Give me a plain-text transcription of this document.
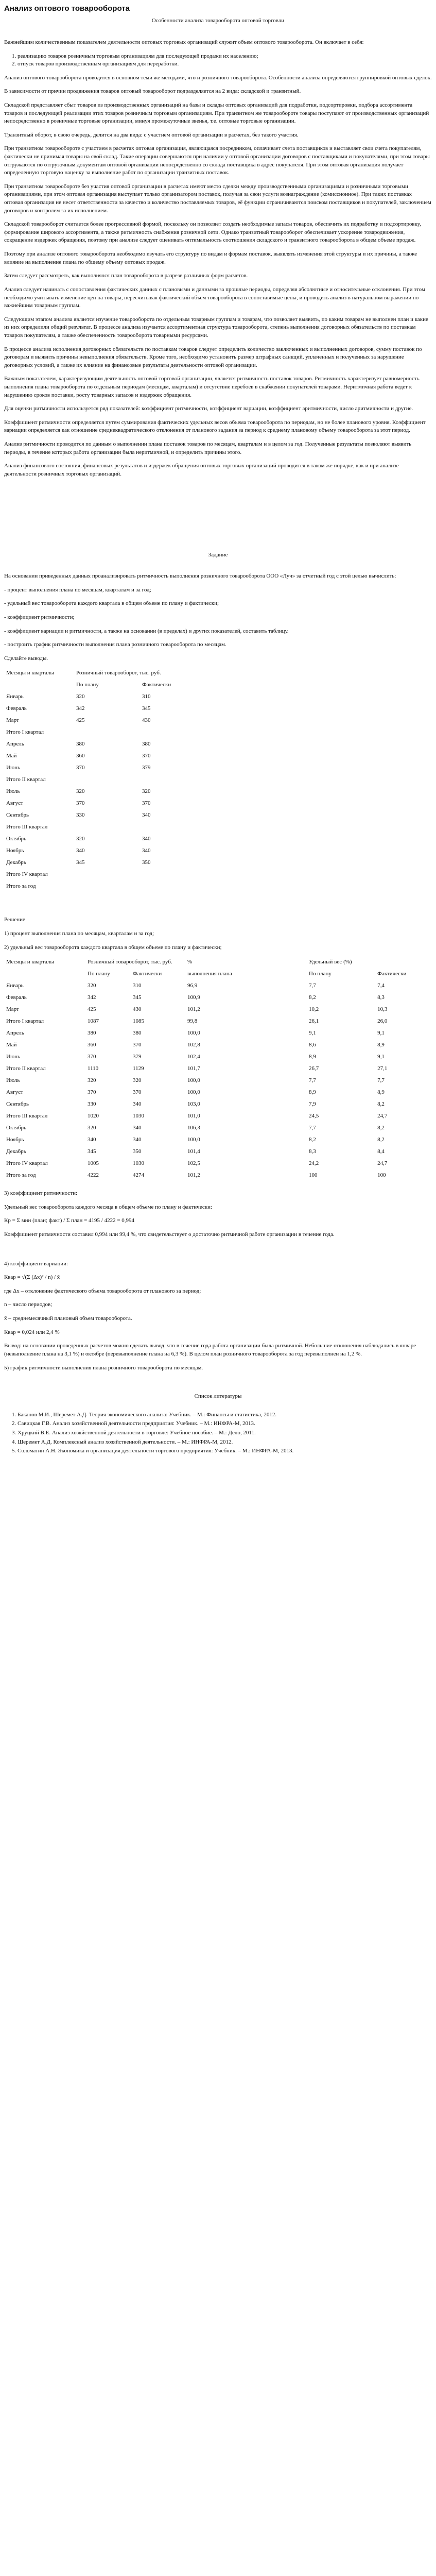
Анализ оптового товарооборота
Особенности анализа товарооборота оптовой торговли

Важнейшим количественным показателем деятельности оптовых торговых организаций служит объем оптового товарооборота. Он включает в себя:

1. реализацию товаров розничным торговым организациям для последующей продажи их населению;
2. отпуск товаров производственным организациям для переработки.

Анализ оптового товарооборота проводится в основном теми же методами, что и розничного товарооборота. Особенности анализа определяются группировкой оптовых сделок.

В зависимости от причин продвижения товаров оптовый товарооборот подразделяется на 2 вида: складской и транзитный.

Складской представляет сбыт товаров из производственных организаций на базы и склады оптовых организаций для подработки, подсортировки, подбора ассортимента товаров и последующей реализации этих товаров розничным торговым организациям. При транзитном же товарообороте товары поступают от производственных организаций непосредственно в розничные торговые организации, минуя промежуточные звенья, т.е. оптовые торговые организации.

Транзитный оборот, в свою очередь, делится на два вида: с участием оптовой организации в расчетах, без такого участия.

При транзитном товарообороте с участием в расчетах оптовая организация, являющаяся посредником, оплачивает счета поставщиков и выставляет свои счета покупателям, фактически не принимая товары на свой склад. Такие операции совершаются при наличии у оптовой организации договоров с поставщиками и покупателями, при этом товары отгружаются по отгрузочным документам оптовой организации непосредственно со склада поставщика в адрес покупателя. При этом оптовая организация получает определенную торговую наценку за выполнение работ по организации транзитных поставок.

При транзитном товарообороте без участия оптовой организации в расчетах имеют место сделки между производственными организациями и розничными торговыми организациями, при этом оптовая организация выступает только организатором поставок, получая за свои услуги вознаграждение (комиссионное). При таких поставках оптовая организация не несет ответственности за качество и количество поставляемых товаров, её функции ограничиваются поиском поставщиков и покупателей, заключением договоров и контролем за их исполнением.

Складской товарооборот считается более прогрессивной формой, поскольку он позволяет создать необходимые запасы товаров, обеспечить их подработку и подсортировку, формирование широкого ассортимента, а также ритмичность снабжения розничной сети. Однако транзитный товарооборот обеспечивает ускорение товародвижения, сокращение издержек обращения, поэтому при анализе следует оценивать оптимальность соотношения складского и транзитного товарооборота в общем объеме продаж.

Поэтому при анализе оптового товарооборота необходимо изучать его структуру по видам и формам поставок, выявлять изменения этой структуры и их причины, а также влияние на выполнение плана по общему объему оптовых продаж.

Затем следует рассмотреть, как выполнялся план товарооборота в разрезе различных форм расчетов.

Анализ следует начинать с сопоставления фактических данных с плановыми и данными за прошлые периоды, определяя абсолютные и относительные отклонения. При этом необходимо учитывать изменение цен на товары, пересчитывая фактический объем товарооборота в сопоставимые цены, и проводить анализ в натуральном выражении по важнейшим товарным группам.

Следующим этапом анализа является изучение товарооборота по отдельным товарным группам и товарам, что позволяет выявить, по каким товарам не выполнен план и какие из них определили общий результат. В процессе анализа изучается ассортиментная структура товарооборота, степень выполнения договорных обязательств по поставкам товаров покупателям, а также обеспеченность товарооборота товарными ресурсами.

В процессе анализа исполнения договорных обязательств по поставкам товаров следует определить количество заключенных и выполненных договоров, сумму поставок по договорам и выявить причины невыполнения обязательств. Кроме того, необходимо установить размер штрафных санкций, уплаченных и полученных за нарушение договорных условий, а также их влияние на финансовые результаты деятельности оптовой организации.

Важным показателем, характеризующим деятельность оптовой торговой организации, является ритмичность поставок товаров. Ритмичность характеризует равномерность выполнения плана товарооборота по отдельным периодам (месяцам, кварталам) и отсутствие перебоев в снабжении покупателей товарами. Неритмичная работа ведет к нарушению сроков поставки, росту товарных запасов и издержек обращения.

Для оценки ритмичности используется ряд показателей: коэффициент ритмичности, коэффициент вариации, коэффициент аритмичности, число аритмичности и другие.

Коэффициент ритмичности определяется путем суммирования фактических удельных весов объема товарооборота по периодам, но не более планового уровня. Коэффициент вариации определяется как отношение среднеквадратического отклонения от планового задания за период к среднему плановому объему товарооборота за этот период.

Анализ ритмичности проводится по данным о выполнении плана поставок товаров по месяцам, кварталам и в целом за год. Полученные результаты позволяют выявить периоды, в течение которых работа организации была неритмичной, и определить причины этого.

Анализ финансового состояния, финансовых результатов и издержек обращения оптовых торговых организаций проводится в таком же порядке, как и при анализе деятельности розничных торговых организаций.

Задание

На основании приведенных данных проанализировать ритмичность выполнения розничного товарооборота ООО «Луч» за отчетный год с этой целью вычислить:

- процент выполнения плана по месяцам, кварталам и за год;

- удельный вес товарооборота каждого квартала в общем объеме по плану и фактически;

- коэффициент ритмичности;

- коэффициент вариации и ритмичности, а также на основании (в пределах) и других показателей, составить таблицу.

- построить график ритмичности выполнения плана розничного товарооборота по месяцам.

Сделайте выводы.

Месяцы и кварталы	Розничный товарооборот, тыс. руб.	
	По плану	Фактически
Январь	320	310
Февраль	342	345
Март	425	430
Итого I квартал		
Апрель	380	380
Май	360	370
Июнь	370	379
Итого II квартал		
Июль	320	320
Август	370	370
Сентябрь	330	340
Итого III квартал		
Октябрь	320	340
Ноябрь	340	340
Декабрь	345	350
Итого IV квартал		
Итого за год		
Решение

1) процент выполнения плана по месяцам, кварталам и за год;

2) удельный вес товарооборота каждого квартала в общем объеме по плану и фактически;

Месяцы и кварталы	Розничный товарооборот, тыс. руб.		%	Удельный вес (%)	
	По плану	Фактически	выполнения плана	По плану	Фактически
Январь	320	310	96,9	7,7	7,4
Февраль	342	345	100,9	8,2	8,3
Март	425	430	101,2	10,2	10,3
Итого I квартал	1087	1085	99,8	26,1	26,0
Апрель	380	380	100,0	9,1	9,1
Май	360	370	102,8	8,6	8,9
Июнь	370	379	102,4	8,9	9,1
Итого II квартал	1110	1129	101,7	26,7	27,1
Июль	320	320	100,0	7,7	7,7
Август	370	370	100,0	8,9	8,9
Сентябрь	330	340	103,0	7,9	8,2
Итого III квартал	1020	1030	101,0	24,5	24,7
Октябрь	320	340	106,3	7,7	8,2
Ноябрь	340	340	100,0	8,2	8,2
Декабрь	345	350	101,4	8,3	8,4
Итого IV квартал	1005	1030	102,5	24,2	24,7
Итого за год	4222	4274	101,2	100	100

3) коэффициент ритмичности:

Удельный вес товарооборота каждого месяца в общем объеме по плану и фактически:

Кр = Σ мин (план; факт) / Σ план = 4195 / 4222 = 0,994

Коэффициент ритмичности составил 0,994 или 99,4 %, что свидетельствует о достаточно ритмичной работе организации в течение года.

4) коэффициент вариации:

Квар = √(Σ (Δx)² / n) / x̄

где Δx – отклонение фактического объема товарооборота от планового за период;

n – число периодов;

x̄ – среднемесячный плановый объем товарооборота.

Квар = 0,024 или 2,4 %

Вывод: на основании проведенных расчетов можно сделать вывод, что в течение года работа организации была ритмичной. Небольшие отклонения наблюдались в январе (невыполнение плана на 3,1 %) и октябре (перевыполнение плана на 6,3 %). В целом план розничного товарооборота за год перевыполнен на 1,2 %.

5) график ритмичности выполнения плана розничного товарооборота по месяцам.

Список литературы
1. Баканов М.И., Шеремет А.Д. Теория экономического анализа: Учебник. – М.: Финансы и статистика, 2012.
2. Савицкая Г.В. Анализ хозяйственной деятельности предприятия: Учебник. – М.: ИНФРА-М, 2013.
3. Хруцкий В.Е. Анализ хозяйственной деятельности в торговле: Учебное пособие. – М.: Дело, 2011.
4. Шеремет А.Д. Комплексный анализ хозяйственной деятельности. – М.: ИНФРА-М, 2012.
5. Соломатин А.Н. Экономика и организация деятельности торгового предприятия: Учебник. – М.: ИНФРА-М, 2013.
